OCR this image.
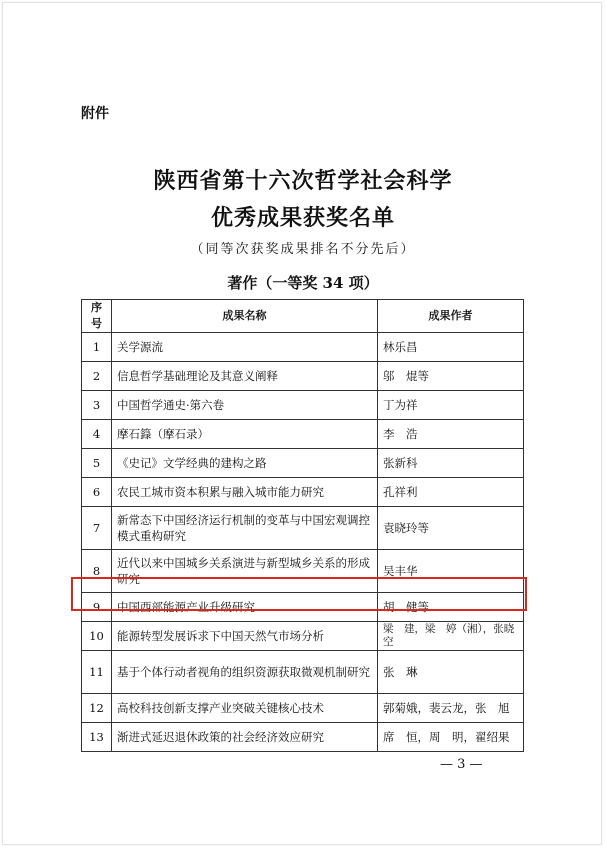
附件
陕西省第十六次哲学社会科学
优秀成果获奖名单
（同等次获奖成果排名不分先后）
著作（一等奖 34 项）
序号	成果名称	成果作者
1	关学源流	林乐昌
2	信息哲学基础理论及其意义阐释	邬　焜等
3	中国哲学通史·第六卷	丁为祥
4	摩石籙（摩石录）	李　浩
5	《史记》文学经典的建构之路	张新科
6	农民工城市资本积累与融入城市能力研究	孔祥利
7	新常态下中国经济运行机制的变革与中国宏观调控模式重构研究	袁晓玲等
8	近代以来中国城乡关系演进与新型城乡关系的形成研究	吴丰华
9	中国西部能源产业升级研究	胡　健等
10	能源转型发展诉求下中国天然气市场分析	梁　建，梁　婷（湘），张晓空
11	基于个体行动者视角的组织资源获取微观机制研究	张　琳
12	高校科技创新支撑产业突破关键核心技术	郭菊娥，裴云龙，张　旭
13	渐进式延迟退休政策的社会经济效应研究	席　恒，周　明，翟绍果
— 3 —
